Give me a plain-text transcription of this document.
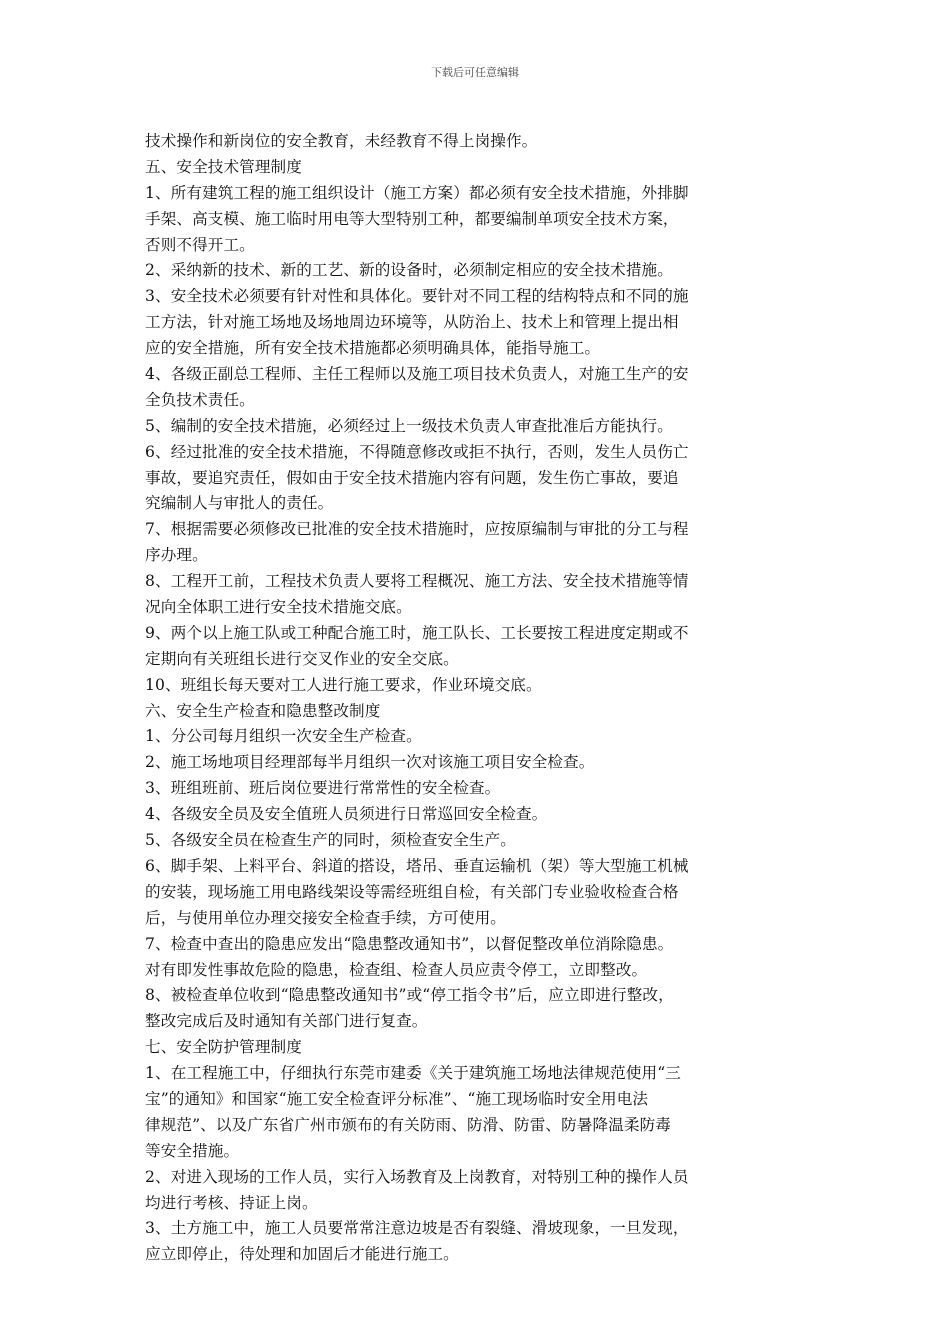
下载后可任意编辑
技术操作和新岗位的安全教育，未经教育不得上岗操作。
五、安全技术管理制度
1、所有建筑工程的施工组织设计（施工方案）都必须有安全技术措施，外排脚
手架、高支模、施工临时用电等大型特别工种，都要编制单项安全技术方案，
否则不得开工。
2、采纳新的技术、新的工艺、新的设备时，必须制定相应的安全技术措施。
3、安全技术必须要有针对性和具体化。要针对不同工程的结构特点和不同的施
工方法，针对施工场地及场地周边环境等，从防治上、技术上和管理上提出相
应的安全措施，所有安全技术措施都必须明确具体，能指导施工。
4、各级正副总工程师、主任工程师以及施工项目技术负责人，对施工生产的安
全负技术责任。
5、编制的安全技术措施，必须经过上一级技术负责人审查批准后方能执行。
6、经过批准的安全技术措施，不得随意修改或拒不执行，否则，发生人员伤亡
事故，要追究责任，假如由于安全技术措施内容有问题，发生伤亡事故，要追
究编制人与审批人的责任。
7、根据需要必须修改已批准的安全技术措施时，应按原编制与审批的分工与程
序办理。
8、工程开工前，工程技术负责人要将工程概况、施工方法、安全技术措施等情
况向全体职工进行安全技术措施交底。
9、两个以上施工队或工种配合施工时，施工队长、工长要按工程进度定期或不
定期向有关班组长进行交叉作业的安全交底。
10、班组长每天要对工人进行施工要求，作业环境交底。
六、安全生产检查和隐患整改制度
1、分公司每月组织一次安全生产检查。
2、施工场地项目经理部每半月组织一次对该施工项目安全检查。
3、班组班前、班后岗位要进行常常性的安全检查。
4、各级安全员及安全值班人员须进行日常巡回安全检查。
5、各级安全员在检查生产的同时，须检查安全生产。
6、脚手架、上料平台、斜道的搭设，塔吊、垂直运输机（架）等大型施工机械
的安装，现场施工用电路线架设等需经班组自检，有关部门专业验收检查合格
后，与使用单位办理交接安全检查手续，方可使用。
7、检查中查出的隐患应发出“隐患整改通知书”，以督促整改单位消除隐患。
对有即发性事故危险的隐患，检查组、检查人员应责令停工，立即整改。
8、被检查单位收到“隐患整改通知书”或“停工指令书”后，应立即进行整改，
整改完成后及时通知有关部门进行复查。
七、安全防护管理制度
1、在工程施工中，仔细执行东莞市建委《关于建筑施工场地法律规范使用“三
宝”的通知》和国家“施工安全检查评分标准”、“施工现场临时安全用电法
律规范”、以及广东省广州市颁布的有关防雨、防滑、防雷、防暑降温柔防毒
等安全措施。
2、对进入现场的工作人员，实行入场教育及上岗教育，对特别工种的操作人员
均进行考核、持证上岗。
3、土方施工中，施工人员要常常注意边坡是否有裂缝、滑坡现象，一旦发现，
应立即停止，待处理和加固后才能进行施工。
